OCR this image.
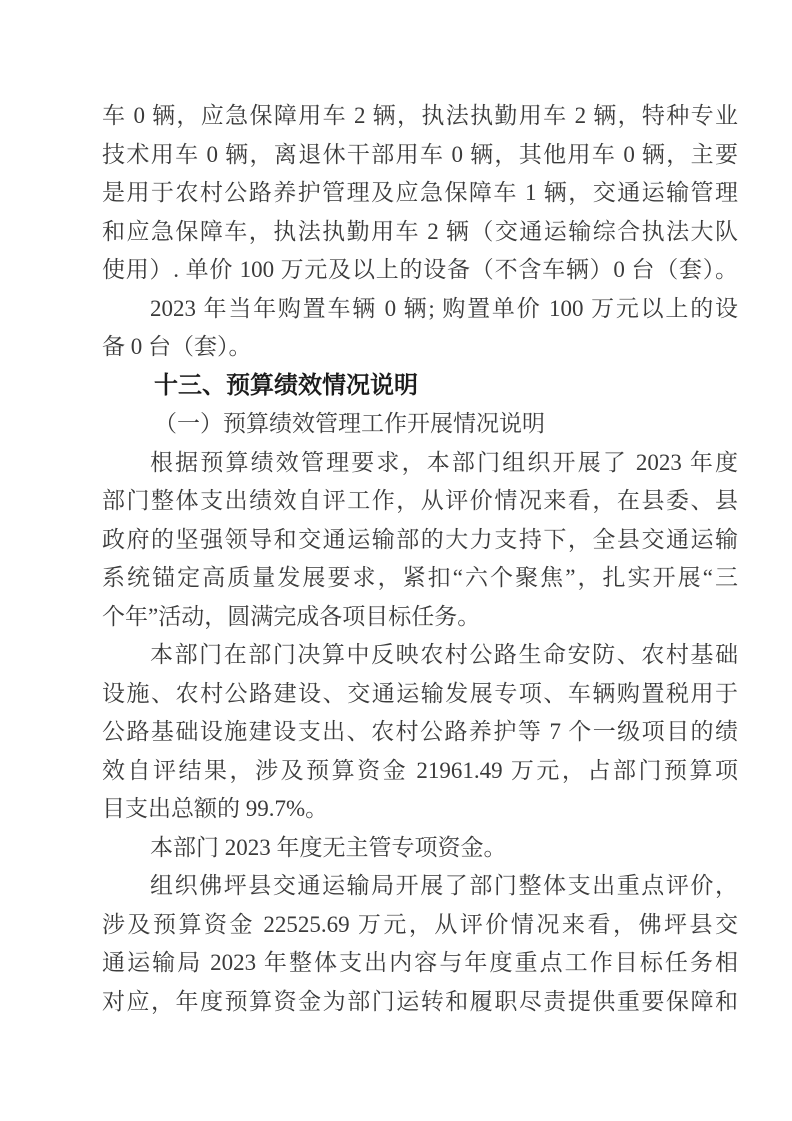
车 0 辆，应急保障用车 2 辆，执法执勤用车 2 辆，特种专业
技术用车 0 辆，离退休干部用车 0 辆，其他用车 0 辆，主要
是用于农村公路养护管理及应急保障车 1 辆，交通运输管理
和应急保障车，执法执勤用车 2 辆（交通运输综合执法大队
使用）. 单价 100 万元及以上的设备（不含车辆）0 台（套）。
2023 年当年购置车辆 0 辆; 购置单价 100 万元以上的设
备 0 台（套）。
十三、预算绩效情况说明
（一）预算绩效管理工作开展情况说明
根据预算绩效管理要求，本部门组织开展了 2023 年度
部门整体支出绩效自评工作，从评价情况来看，在县委、县
政府的坚强领导和交通运输部的大力支持下，全县交通运输
系统锚定高质量发展要求，紧扣“六个聚焦”，扎实开展“三
个年”活动，圆满完成各项目标任务。
本部门在部门决算中反映农村公路生命安防、农村基础
设施、农村公路建设、交通运输发展专项、车辆购置税用于
公路基础设施建设支出、农村公路养护等 7 个一级项目的绩
效自评结果，涉及预算资金 21961.49 万元，占部门预算项
目支出总额的 99.7%。
本部门 2023 年度无主管专项资金。
组织佛坪县交通运输局开展了部门整体支出重点评价，
涉及预算资金 22525.69 万元，从评价情况来看，佛坪县交
通运输局 2023 年整体支出内容与年度重点工作目标任务相
对应，年度预算资金为部门运转和履职尽责提供重要保障和
